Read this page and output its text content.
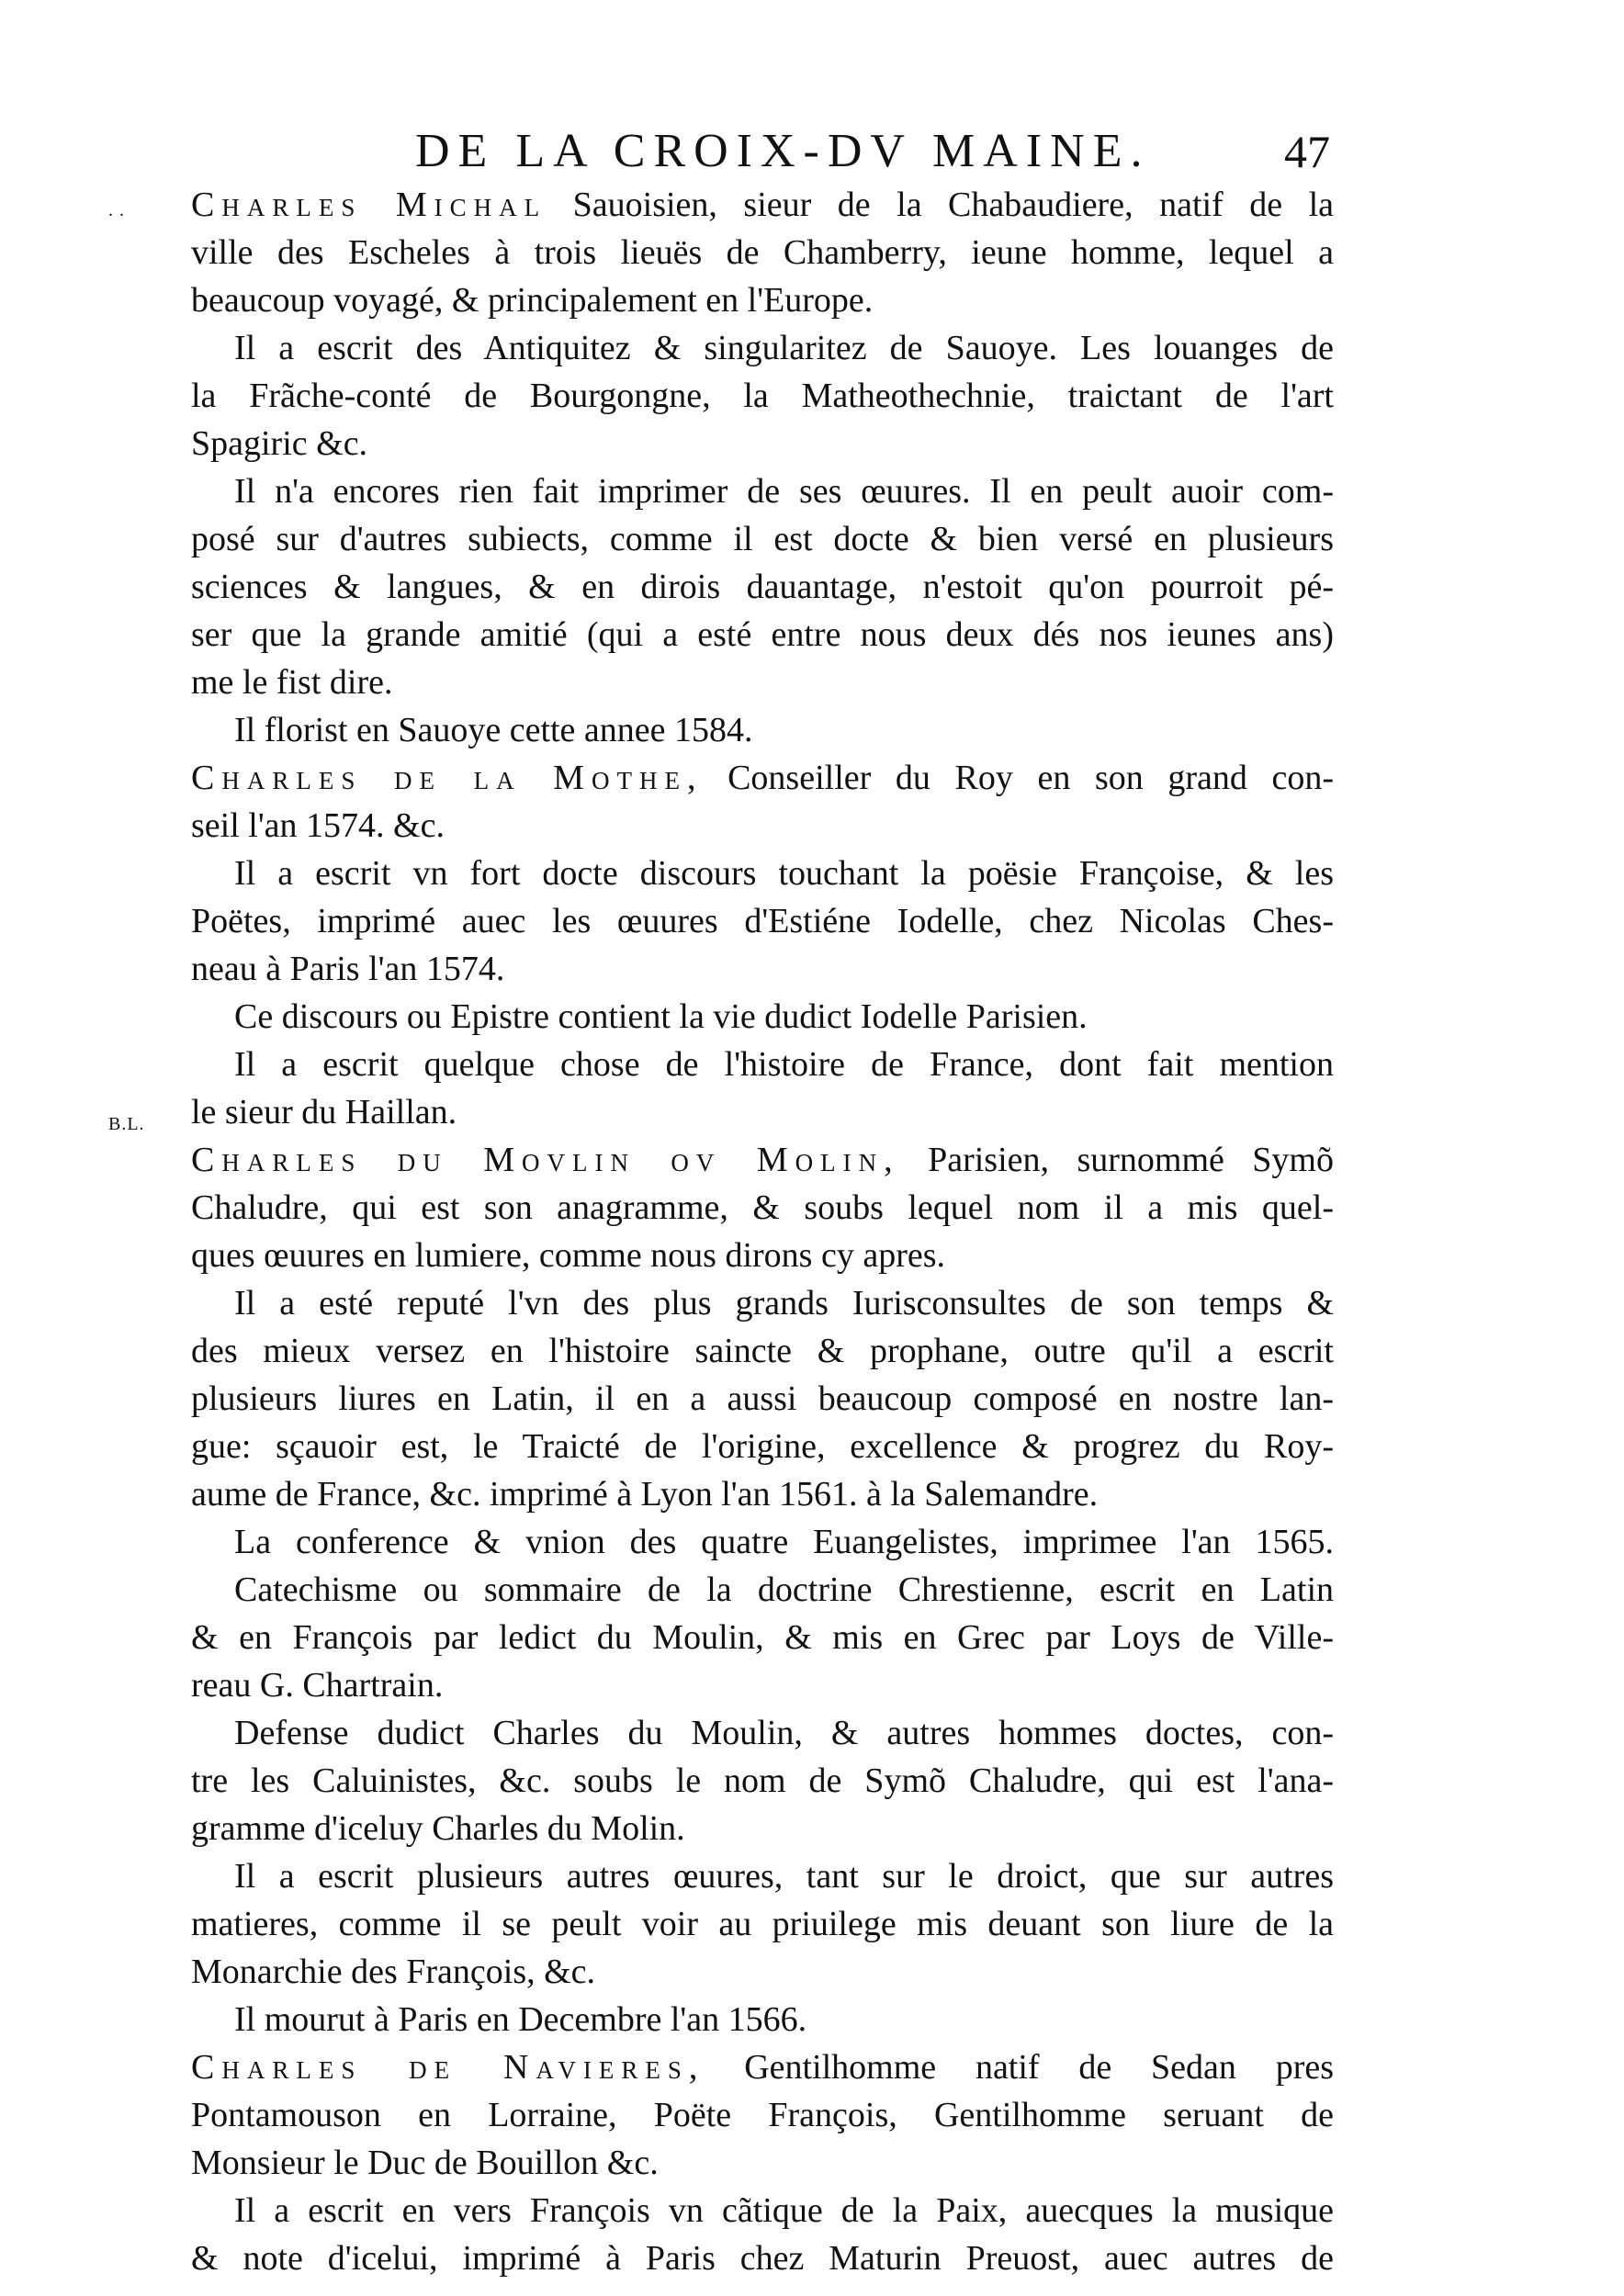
DE LA CROIX-DV MAINE.	47
. .
B.L.
Charles Michal Sauoisien, sieur de la Chabaudiere, natif de la
ville des Escheles à trois lieuës de Chamberry, ieune homme, lequel a
beaucoup voyagé, & principalement en l'Europe.
Il a escrit des Antiquitez & singularitez de Sauoye. Les louanges de
la Frãche-conté de Bourgongne, la Matheothechnie, traictant de l'art
Spagiric &c.
Il n'a encores rien fait imprimer de ses œuures. Il en peult auoir com-
posé sur d'autres subiects, comme il est docte & bien versé en plusieurs
sciences & langues, & en dirois dauantage, n'estoit qu'on pourroit pé-
ser que la grande amitié (qui a esté entre nous deux dés nos ieunes ans)
me le fist dire.
Il florist en Sauoye cette annee 1584.
Charles de la Mothe, Conseiller du Roy en son grand con-
seil l'an 1574. &c.
Il a escrit vn fort docte discours touchant la poësie Françoise, & les
Poëtes, imprimé auec les œuures d'Estiéne Iodelle, chez Nicolas Ches-
neau à Paris l'an 1574.
Ce discours ou Epistre contient la vie dudict Iodelle Parisien.
Il a escrit quelque chose de l'histoire de France, dont fait mention
le sieur du Haillan.
Charles du Movlin ov Molin, Parisien, surnommé Symõ
Chaludre, qui est son anagramme, & soubs lequel nom il a mis quel-
ques œuures en lumiere, comme nous dirons cy apres.
Il a esté reputé l'vn des plus grands Iurisconsultes de son temps &
des mieux versez en l'histoire saincte & prophane, outre qu'il a escrit
plusieurs liures en Latin, il en a aussi beaucoup composé en nostre lan-
gue: sçauoir est, le Traicté de l'origine, excellence & progrez du Roy-
aume de France, &c. imprimé à Lyon l'an 1561. à la Salemandre.
La conference & vnion des quatre Euangelistes, imprimee l'an 1565.
Catechisme ou sommaire de la doctrine Chrestienne, escrit en Latin
& en François par ledict du Moulin, & mis en Grec par Loys de Ville-
reau G. Chartrain.
Defense dudict Charles du Moulin, & autres hommes doctes, con-
tre les Caluinistes, &c. soubs le nom de Symõ Chaludre, qui est l'ana-
gramme d'iceluy Charles du Molin.
Il a escrit plusieurs autres œuures, tant sur le droict, que sur autres
matieres, comme il se peult voir au priuilege mis deuant son liure de la
Monarchie des François, &c.
Il mourut à Paris en Decembre l'an 1566.
Charles de Navieres, Gentilhomme natif de Sedan pres
Pontamouson en Lorraine, Poëte François, Gentilhomme seruant de
Monsieur le Duc de Bouillon &c.
Il a escrit en vers François vn cãtique de la Paix, auecques la musique
& note d'icelui, imprimé à Paris chez Maturin Preuost, auec autres de
